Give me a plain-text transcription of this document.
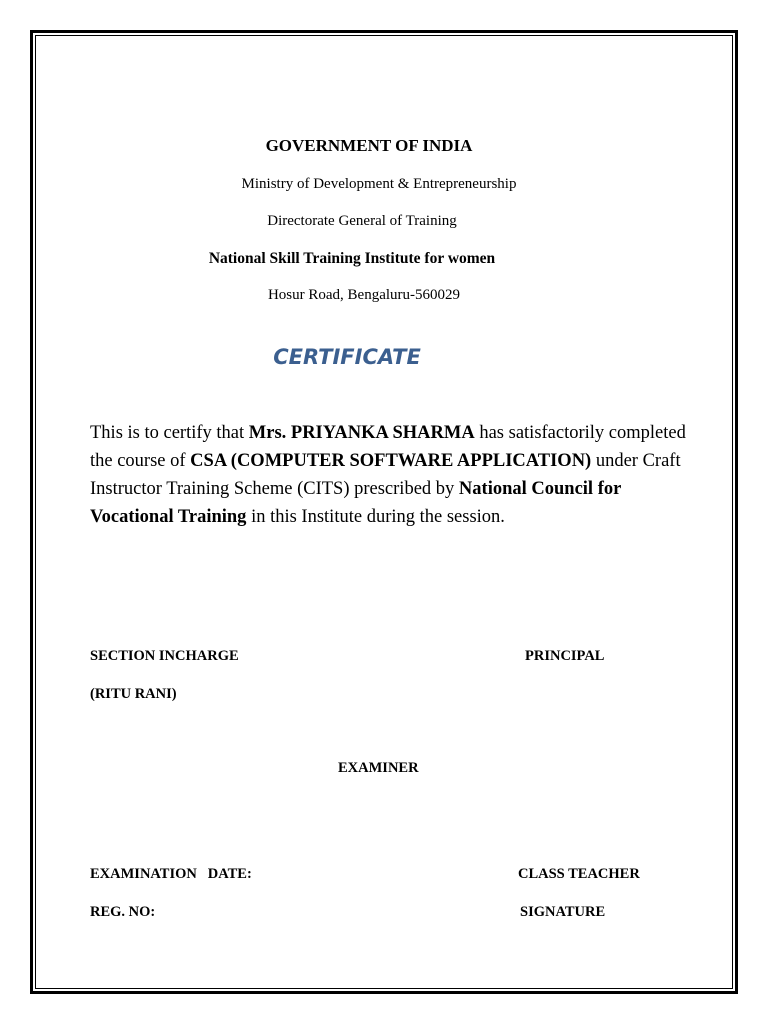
GOVERNMENT OF INDIA
Ministry of Development & Entrepreneurship
Directorate General of Training
National Skill Training Institute for women
Hosur Road, Bengaluru-560029
CERTIFICATE
This is to certify that Mrs. PRIYANKA SHARMA has satisfactorily completed the course of CSA (COMPUTER SOFTWARE APPLICATION) under Craft Instructor Training Scheme (CITS) prescribed by National Council for Vocational Training in this Institute during the session.
SECTION INCHARGE	PRINCIPAL
(RITU RANI)
EXAMINER
EXAMINATION   DATE:	CLASS TEACHER
REG. NO:	SIGNATURE
